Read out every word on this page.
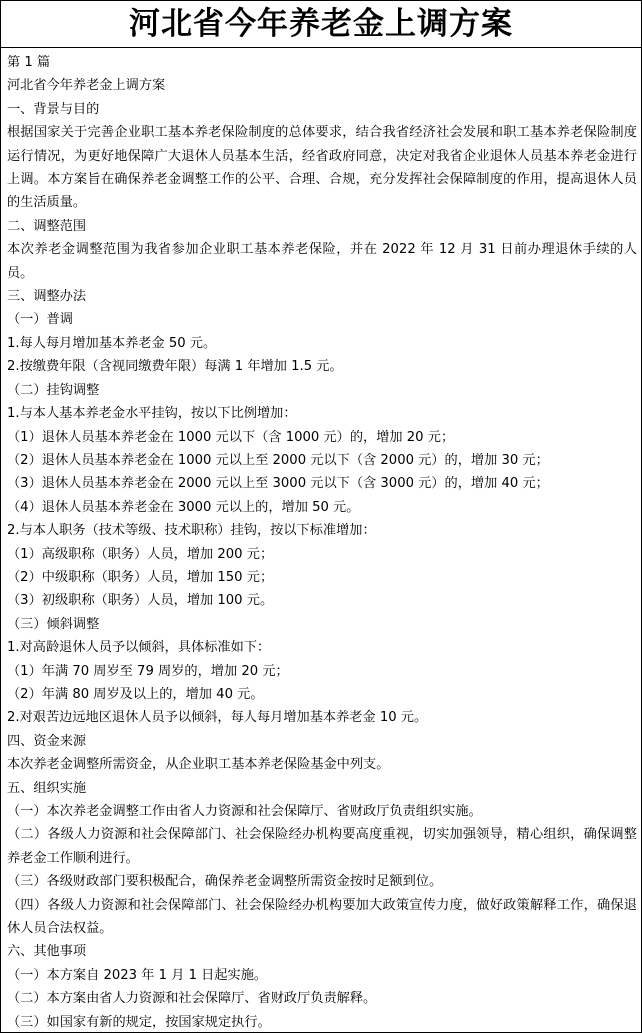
河北省今年养老金上调方案
第 1 篇
河北省今年养老金上调方案
一、背景与目的
根据国家关于完善企业职工基本养老保险制度的总体要求，结合我省经济社会发展和职工基本养老保险制度运行情况，为更好地保障广大退休人员基本生活，经省政府同意，决定对我省企业退休人员基本养老金进行上调。本方案旨在确保养老金调整工作的公平、合理、合规，充分发挥社会保障制度的作用，提高退休人员的生活质量。
二、调整范围
本次养老金调整范围为我省参加企业职工基本养老保险，并在 2022 年 12 月 31 日前办理退休手续的人员。
三、调整办法
（一）普调
1.每人每月增加基本养老金 50 元。
2.按缴费年限（含视同缴费年限）每满 1 年增加 1.5 元。
（二）挂钩调整
1.与本人基本养老金水平挂钩，按以下比例增加：
（1）退休人员基本养老金在 1000 元以下（含 1000 元）的，增加 20 元；
（2）退休人员基本养老金在 1000 元以上至 2000 元以下（含 2000 元）的，增加 30 元；
（3）退休人员基本养老金在 2000 元以上至 3000 元以下（含 3000 元）的，增加 40 元；
（4）退休人员基本养老金在 3000 元以上的，增加 50 元。
2.与本人职务（技术等级、技术职称）挂钩，按以下标准增加：
（1）高级职称（职务）人员，增加 200 元；
（2）中级职称（职务）人员，增加 150 元；
（3）初级职称（职务）人员，增加 100 元。
（三）倾斜调整
1.对高龄退休人员予以倾斜，具体标准如下：
（1）年满 70 周岁至 79 周岁的，增加 20 元；
（2）年满 80 周岁及以上的，增加 40 元。
2.对艰苦边远地区退休人员予以倾斜，每人每月增加基本养老金 10 元。
四、资金来源
本次养老金调整所需资金，从企业职工基本养老保险基金中列支。
五、组织实施
（一）本次养老金调整工作由省人力资源和社会保障厅、省财政厅负责组织实施。
（二）各级人力资源和社会保障部门、社会保险经办机构要高度重视，切实加强领导，精心组织，确保调整养老金工作顺利进行。
（三）各级财政部门要积极配合，确保养老金调整所需资金按时足额到位。
（四）各级人力资源和社会保障部门、社会保险经办机构要加大政策宣传力度，做好政策解释工作，确保退休人员合法权益。
六、其他事项
（一）本方案自 2023 年 1 月 1 日起实施。
（二）本方案由省人力资源和社会保障厅、省财政厅负责解释。
（三）如国家有新的规定，按国家规定执行。
